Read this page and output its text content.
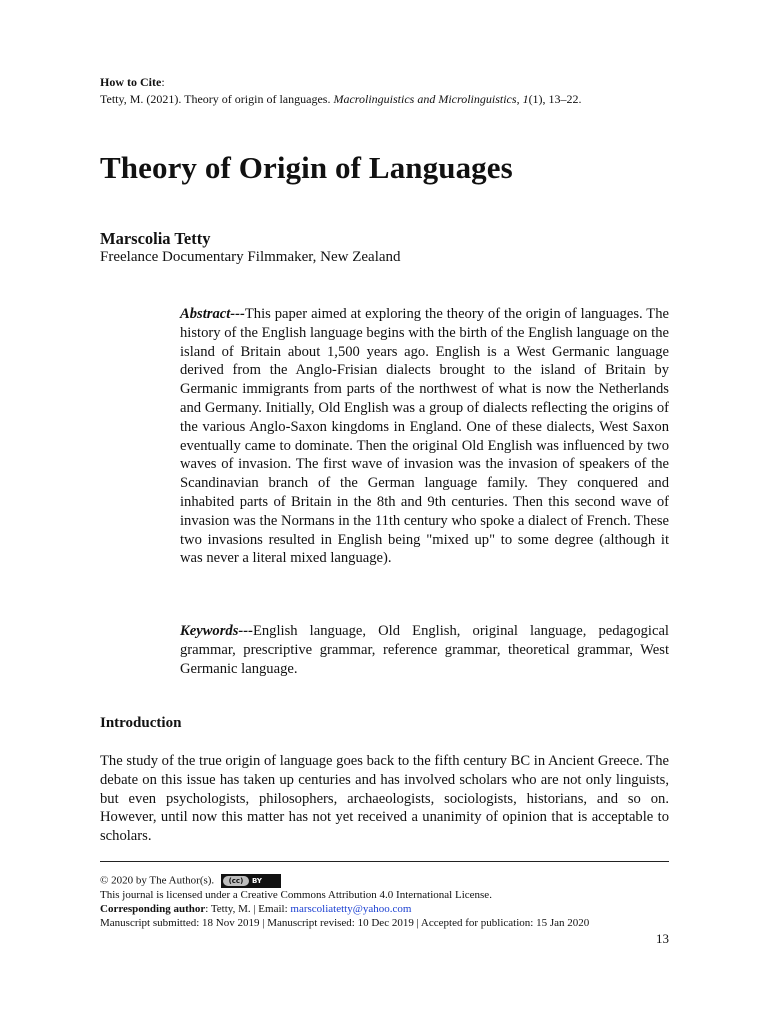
How to Cite:
Tetty, M. (2021). Theory of origin of languages. Macrolinguistics and Microlinguistics, 1(1), 13–22.
Theory of Origin of Languages
Marscolia Tetty
Freelance Documentary Filmmaker, New Zealand
Abstract---This paper aimed at exploring the theory of the origin of languages. The history of the English language begins with the birth of the English language on the island of Britain about 1,500 years ago. English is a West Germanic language derived from the Anglo-Frisian dialects brought to the island of Britain by Germanic immigrants from parts of the northwest of what is now the Netherlands and Germany. Initially, Old English was a group of dialects reflecting the origins of the various Anglo-Saxon kingdoms in England. One of these dialects, West Saxon eventually came to dominate. Then the original Old English was influenced by two waves of invasion. The first wave of invasion was the invasion of speakers of the Scandinavian branch of the German language family. They conquered and inhabited parts of Britain in the 8th and 9th centuries. Then this second wave of invasion was the Normans in the 11th century who spoke a dialect of French. These two invasions resulted in English being "mixed up" to some degree (although it was never a literal mixed language).
Keywords---English language, Old English, original language, pedagogical grammar, prescriptive grammar, reference grammar, theoretical grammar, West Germanic language.
Introduction
The study of the true origin of language goes back to the fifth century BC in Ancient Greece. The debate on this issue has taken up centuries and has involved scholars who are not only linguists, but even psychologists, philosophers, archaeologists, sociologists, historians, and so on. However, until now this matter has not yet received a unanimity of opinion that is acceptable to scholars.
© 2020 by The Author(s).	(cc)	BY
This journal is licensed under a Creative Commons Attribution 4.0 International License.
Corresponding author: Tetty, M. | Email: marscoliatetty@yahoo.com
Manuscript submitted: 18 Nov 2019 | Manuscript revised: 10 Dec 2019 | Accepted for publication: 15 Jan 2020
13
